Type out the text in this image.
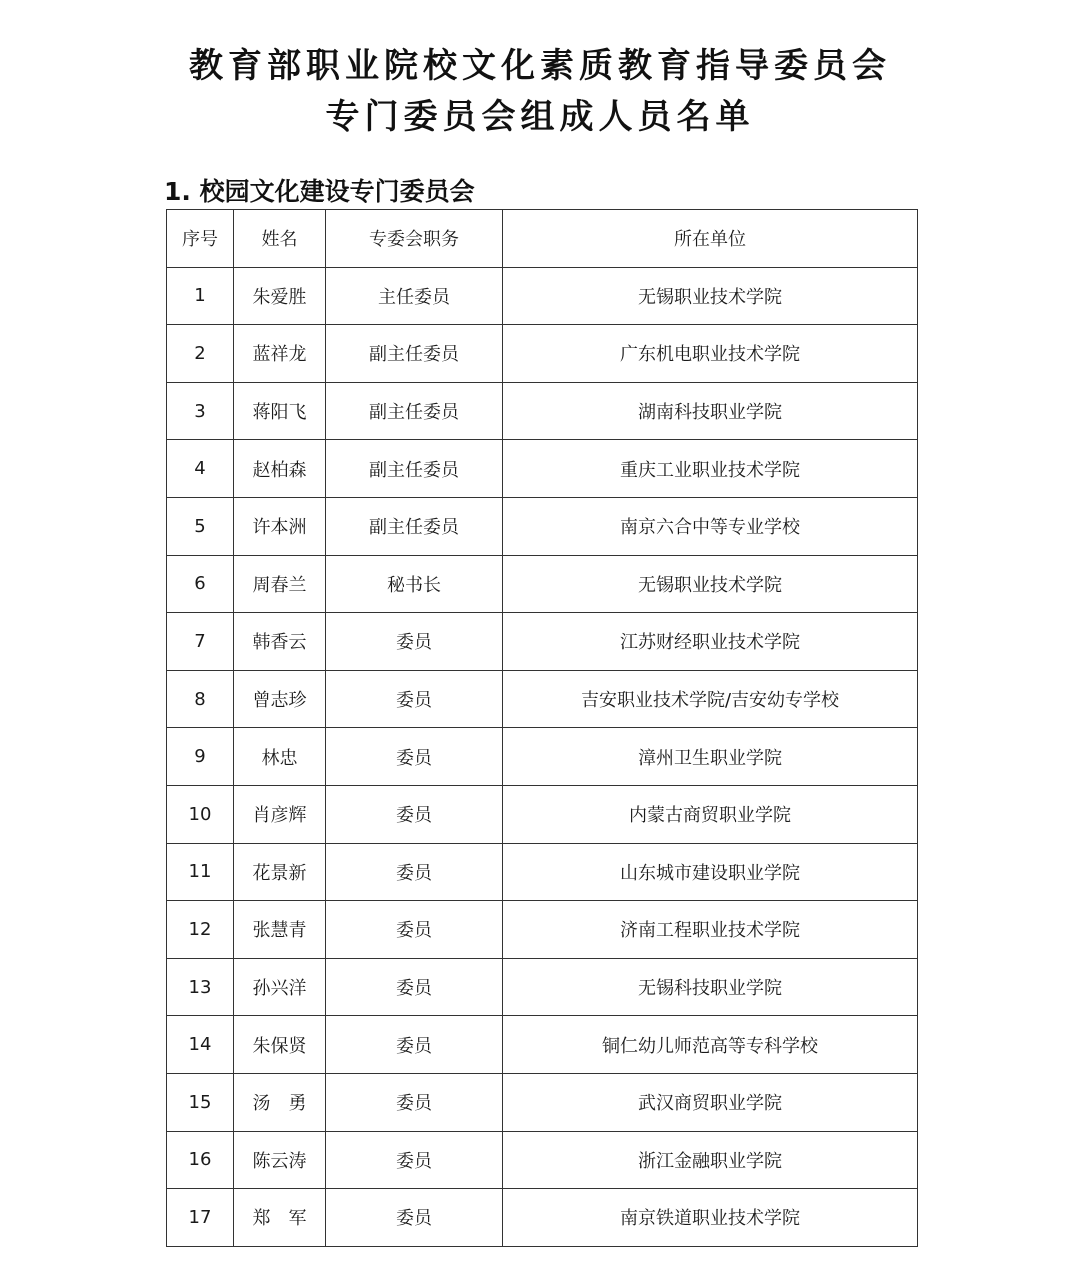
教育部职业院校文化素质教育指导委员会
专门委员会组成人员名单
1. 校园文化建设专门委员会
序号	姓名	专委会职务	所在单位
1	朱爱胜	主任委员	无锡职业技术学院
2	蓝祥龙	副主任委员	广东机电职业技术学院
3	蒋阳飞	副主任委员	湖南科技职业学院
4	赵柏森	副主任委员	重庆工业职业技术学院
5	许本洲	副主任委员	南京六合中等专业学校
6	周春兰	秘书长	无锡职业技术学院
7	韩香云	委员	江苏财经职业技术学院
8	曾志珍	委员	吉安职业技术学院/吉安幼专学校
9	林忠	委员	漳州卫生职业学院
10	肖彦辉	委员	内蒙古商贸职业学院
11	花景新	委员	山东城市建设职业学院
12	张慧青	委员	济南工程职业技术学院
13	孙兴洋	委员	无锡科技职业学院
14	朱保贤	委员	铜仁幼儿师范高等专科学校
15	汤　勇	委员	武汉商贸职业学院
16	陈云涛	委员	浙江金融职业学院
17	郑　军	委员	南京铁道职业技术学院
